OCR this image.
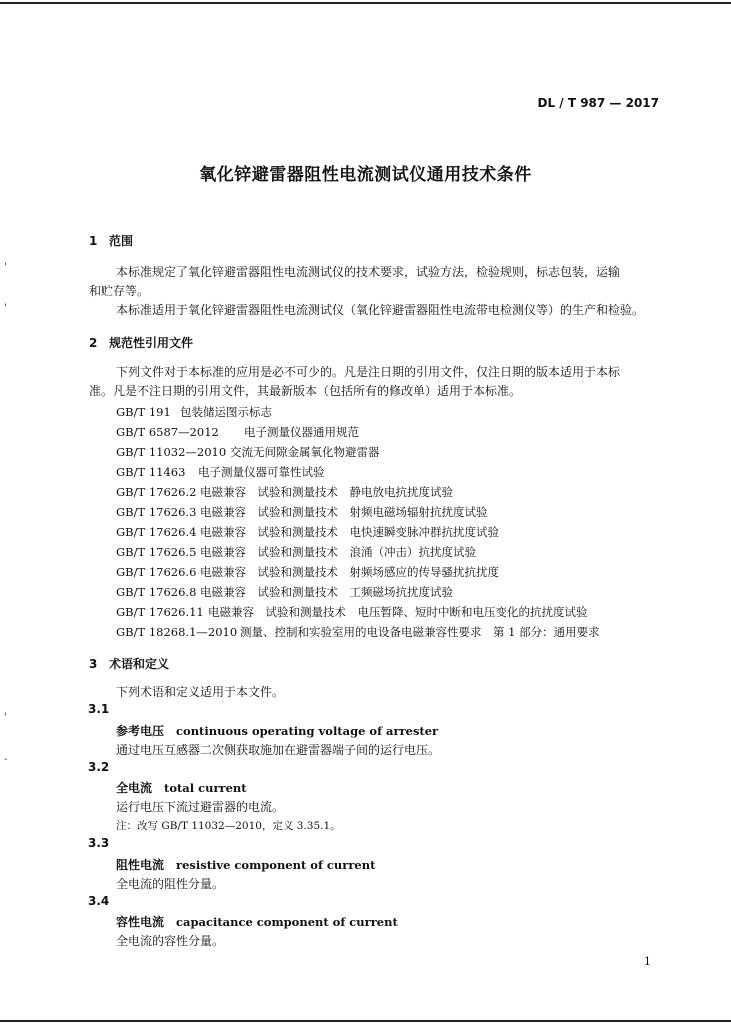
DL / T 987 — 2017
氧化锌避雷器阻性电流测试仪通用技术条件
1 范围
本标准规定了氧化锌避雷器阻性电流测试仪的技术要求，试验方法，检验规则，标志包装，运输
和贮存等。
本标准适用于氧化锌避雷器阻性电流测试仪（氧化锌避雷器阻性电流带电检测仪等）的生产和检验。
2 规范性引用文件
下列文件对于本标准的应用是必不可少的。凡是注日期的引用文件，仅注日期的版本适用于本标
准。凡是不注日期的引用文件，其最新版本（包括所有的修改单）适用于本标准。
GB/T 191 包装储运图示标志
GB/T 6587—2012 电子测量仪器通用规范
GB/T 11032—2010 交流无间隙金属氧化物避雷器
GB/T 11463 电子测量仪器可靠性试验
GB/T 17626.2 电磁兼容　试验和测量技术　静电放电抗扰度试验
GB/T 17626.3 电磁兼容　试验和测量技术　射频电磁场辐射抗扰度试验
GB/T 17626.4 电磁兼容　试验和测量技术　电快速瞬变脉冲群抗扰度试验
GB/T 17626.5 电磁兼容　试验和测量技术　浪涌（冲击）抗扰度试验
GB/T 17626.6 电磁兼容　试验和测量技术　射频场感应的传导骚扰抗扰度
GB/T 17626.8 电磁兼容　试验和测量技术　工频磁场抗扰度试验
GB/T 17626.11 电磁兼容　试验和测量技术　电压暂降、短时中断和电压变化的抗扰度试验
GB/T 18268.1—2010 测量、控制和实验室用的电设备电磁兼容性要求　第 1 部分：通用要求
3 术语和定义
下列术语和定义适用于本文件。
3.1
参考电压 continuous operating voltage of arrester
通过电压互感器二次侧获取施加在避雷器端子间的运行电压。
3.2
全电流 total current
运行电压下流过避雷器的电流。
注：改写 GB/T 11032—2010，定义 3.35.1。
3.3
阻性电流 resistive component of current
全电流的阻性分量。
3.4
容性电流 capacitance component of current
全电流的容性分量。
1
'
'
'
-
